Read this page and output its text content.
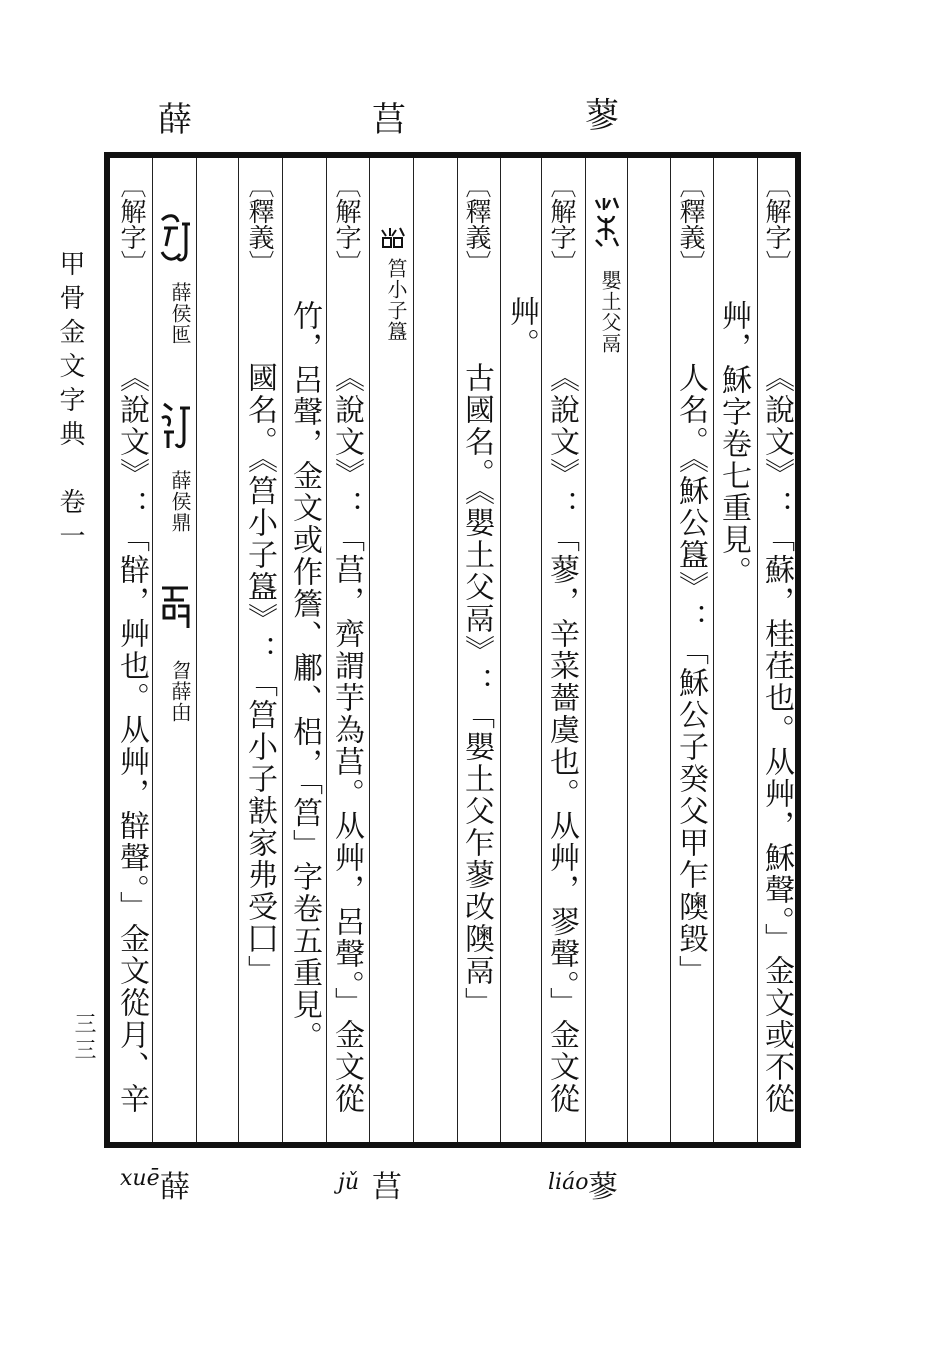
甲骨金文字典　卷一
三三
薛	莒	蓼
〔解字〕
《說文》：「蘇，桂荏也。从艸，穌聲。」金文或不從
艸，穌字卷七重見。
〔釋義〕
人名。《穌公簋》：「穌公子癸父甲乍隩毀」
嬰土父鬲
〔解字〕
《說文》：「蓼，辛菜薔虞也。从艸，翏聲。」金文從
艸。
〔釋義〕
古國名。《嬰土父鬲》：「嬰土父乍蓼改隩鬲」
筥小子簋
〔解字〕
《說文》：「莒，齊謂芋為莒。从艸，呂聲。」金文從
竹，呂聲，金文或作簷、鄘、梠，「筥」字卷五重見。
〔釋義〕
國名。《筥小子簋》：「筥小子㝬家弗受囗」
薛侯匜
薛侯鼎
曶薛甶
〔解字〕
《說文》：「辥，艸也。从艸，辥聲。」金文從月、辛
xuē 薛	jǔ 莒	liáo 蓼
